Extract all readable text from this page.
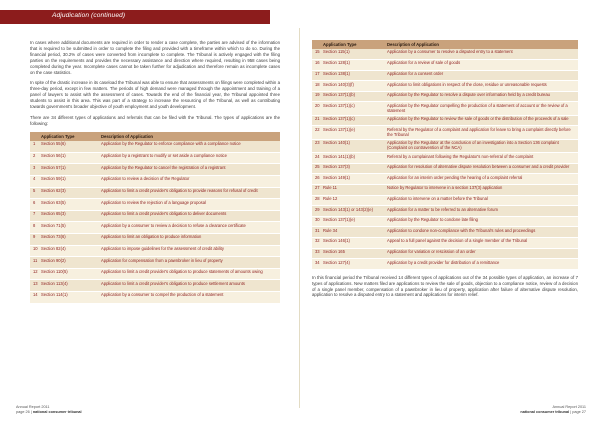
Adjudication (continued)

In cases where additional documents are required in order to render a case complete, the parties are advised of the information that is required to be submitted in order to complete the filing and provided with a timeframe within which to do so. During the financial period, 30.2% of cases were converted from incomplete to complete. The Tribunal is actively engaged with the filing parties on the requirements and provides the necessary assistance and direction where required, resulting in 958 cases being completed during the year. Incomplete cases cannot be taken further for adjudication and therefore remain as incomplete cases on the case statistics.

In spite of the drastic increase in its caseload the Tribunal was able to ensure that assessments on filings were completed within a three-day period, except in few matters. The periods of high demand were managed through the appointment and training of a panel of lawyers to assist with the assessment of cases. Towards the end of the financial year, the Tribunal appointed three students to assist in this area. This was part of a strategy to increase the resourcing of the Tribunal, as well as contributing towards government's broader objective of youth employment and youth development.

There are 34 different types of applications and referrals that can be filed with the Tribunal. The types of applications are the following:

	Application Type	Description of Application
1	Section 55(6)	Application by the Regulator to enforce compliance with a compliance notice
2	Section 56(1)	Application by a registrant to modify or set aside a compliance notice
3	Section 57(1)	Application by the Regulator to cancel the registration of a registrant
4	Section 59(1)	Application to review a decision of the Regulator
5	Section 62(3)	Application to limit a credit provider's obligation to provide reasons for refusal of credit
6	Section 63(5)	Application to review the rejection of a language proposal
7	Section 65(3)	Application to limit a credit provider's obligation to deliver documents
8	Section 71(5)	Application by a consumer to review a decision to refuse a clearance certificate
9	Section 73(6)	Application to limit an obligation to produce information
10	Section 82(4)	Application to impose guidelines for the assessment of credit ability
11	Section 90(2)	Application for compensation from a pawnbroker in lieu of property
12	Section 110(5)	Application to limit a credit provider's obligation to produce statements of amounts owing
13	Section 113(4)	Application to limit a credit provider's obligation to produce settlement amounts
14	Section 114(1)	Application by a consumer to compel the production of a statement
	Application Type	Description of Application
15	Section 115(1)	Application by a consumer to resolve a disputed entry to a statement
16	Section 128(1)	Application for a review of sale of goods
17	Section 138(1)	Application for a consent order
18	Section 140(3)(f)	Application to limit obligations in respect of the close, residue or unreasonable requests
19	Section 137(1)(b)	Application by the Regulator to resolve a dispute over information held by a credit bureau
20	Section 137(1)(c)	Application by the Regulator compelling the production of a statement of account or the review of a statement
21	Section 137(1)(c)	Application by the Regulator to review the sale of goods or the distribution of the proceeds of a sale
22	Section 137(1)(e)	Referral by the Regulator of a complaint and application for leave to bring a complaint directly before the Tribunal
23	Section 140(1)	Application by the Regulator at the conclusion of an investigation into a Section 136 complaint (Complaint on contravention of the NCA)
24	Section 141(1)(b)	Referral by a complainant following the Regulator's non-referral of the complaint
25	Section 137(3)	Application for resolution of alternative dispute resolution between a consumer and a credit provider
26	Section 149(1)	Application for an interim order pending the hearing of a complaint referral
27	Rule 11	Notice by Regulator to intervene in a section 137(3) application
28	Rule 12	Application to intervene on a matter before the Tribunal
29	Section 143(1) or 143(2)(e)	Application for a matter to be referred to an alternative forum
30	Section 137(1)(e)	Application by the Regulator to condone late filing
31	Rule 34	Application to condone non-compliance with the Tribunal's rules and proceedings
32	Section 146(1)	Appeal to a full panel against the decision of a single member of the Tribunal
33	Section 165	Application for variation or rescission of an order
34	Section 127(4)	Application by a credit provider for distribution of a remittance

In this financial period the Tribunal received 14 different types of applications out of the 34 possible types of application, an increase of 7 types of applications. New matters filed are applications to review the sale of goods, objection to a compliance notice, review of a decision of a single panel member, compensation of a pawnbroker in lieu of property, application after failure of alternative dispute resolution, application to resolve a disputed entry to a statement and applications for interim relief.

Annual Report 2011
page 26 | national consumer tribunal
Annual Report 2011
national consumer tribunal | page 27
